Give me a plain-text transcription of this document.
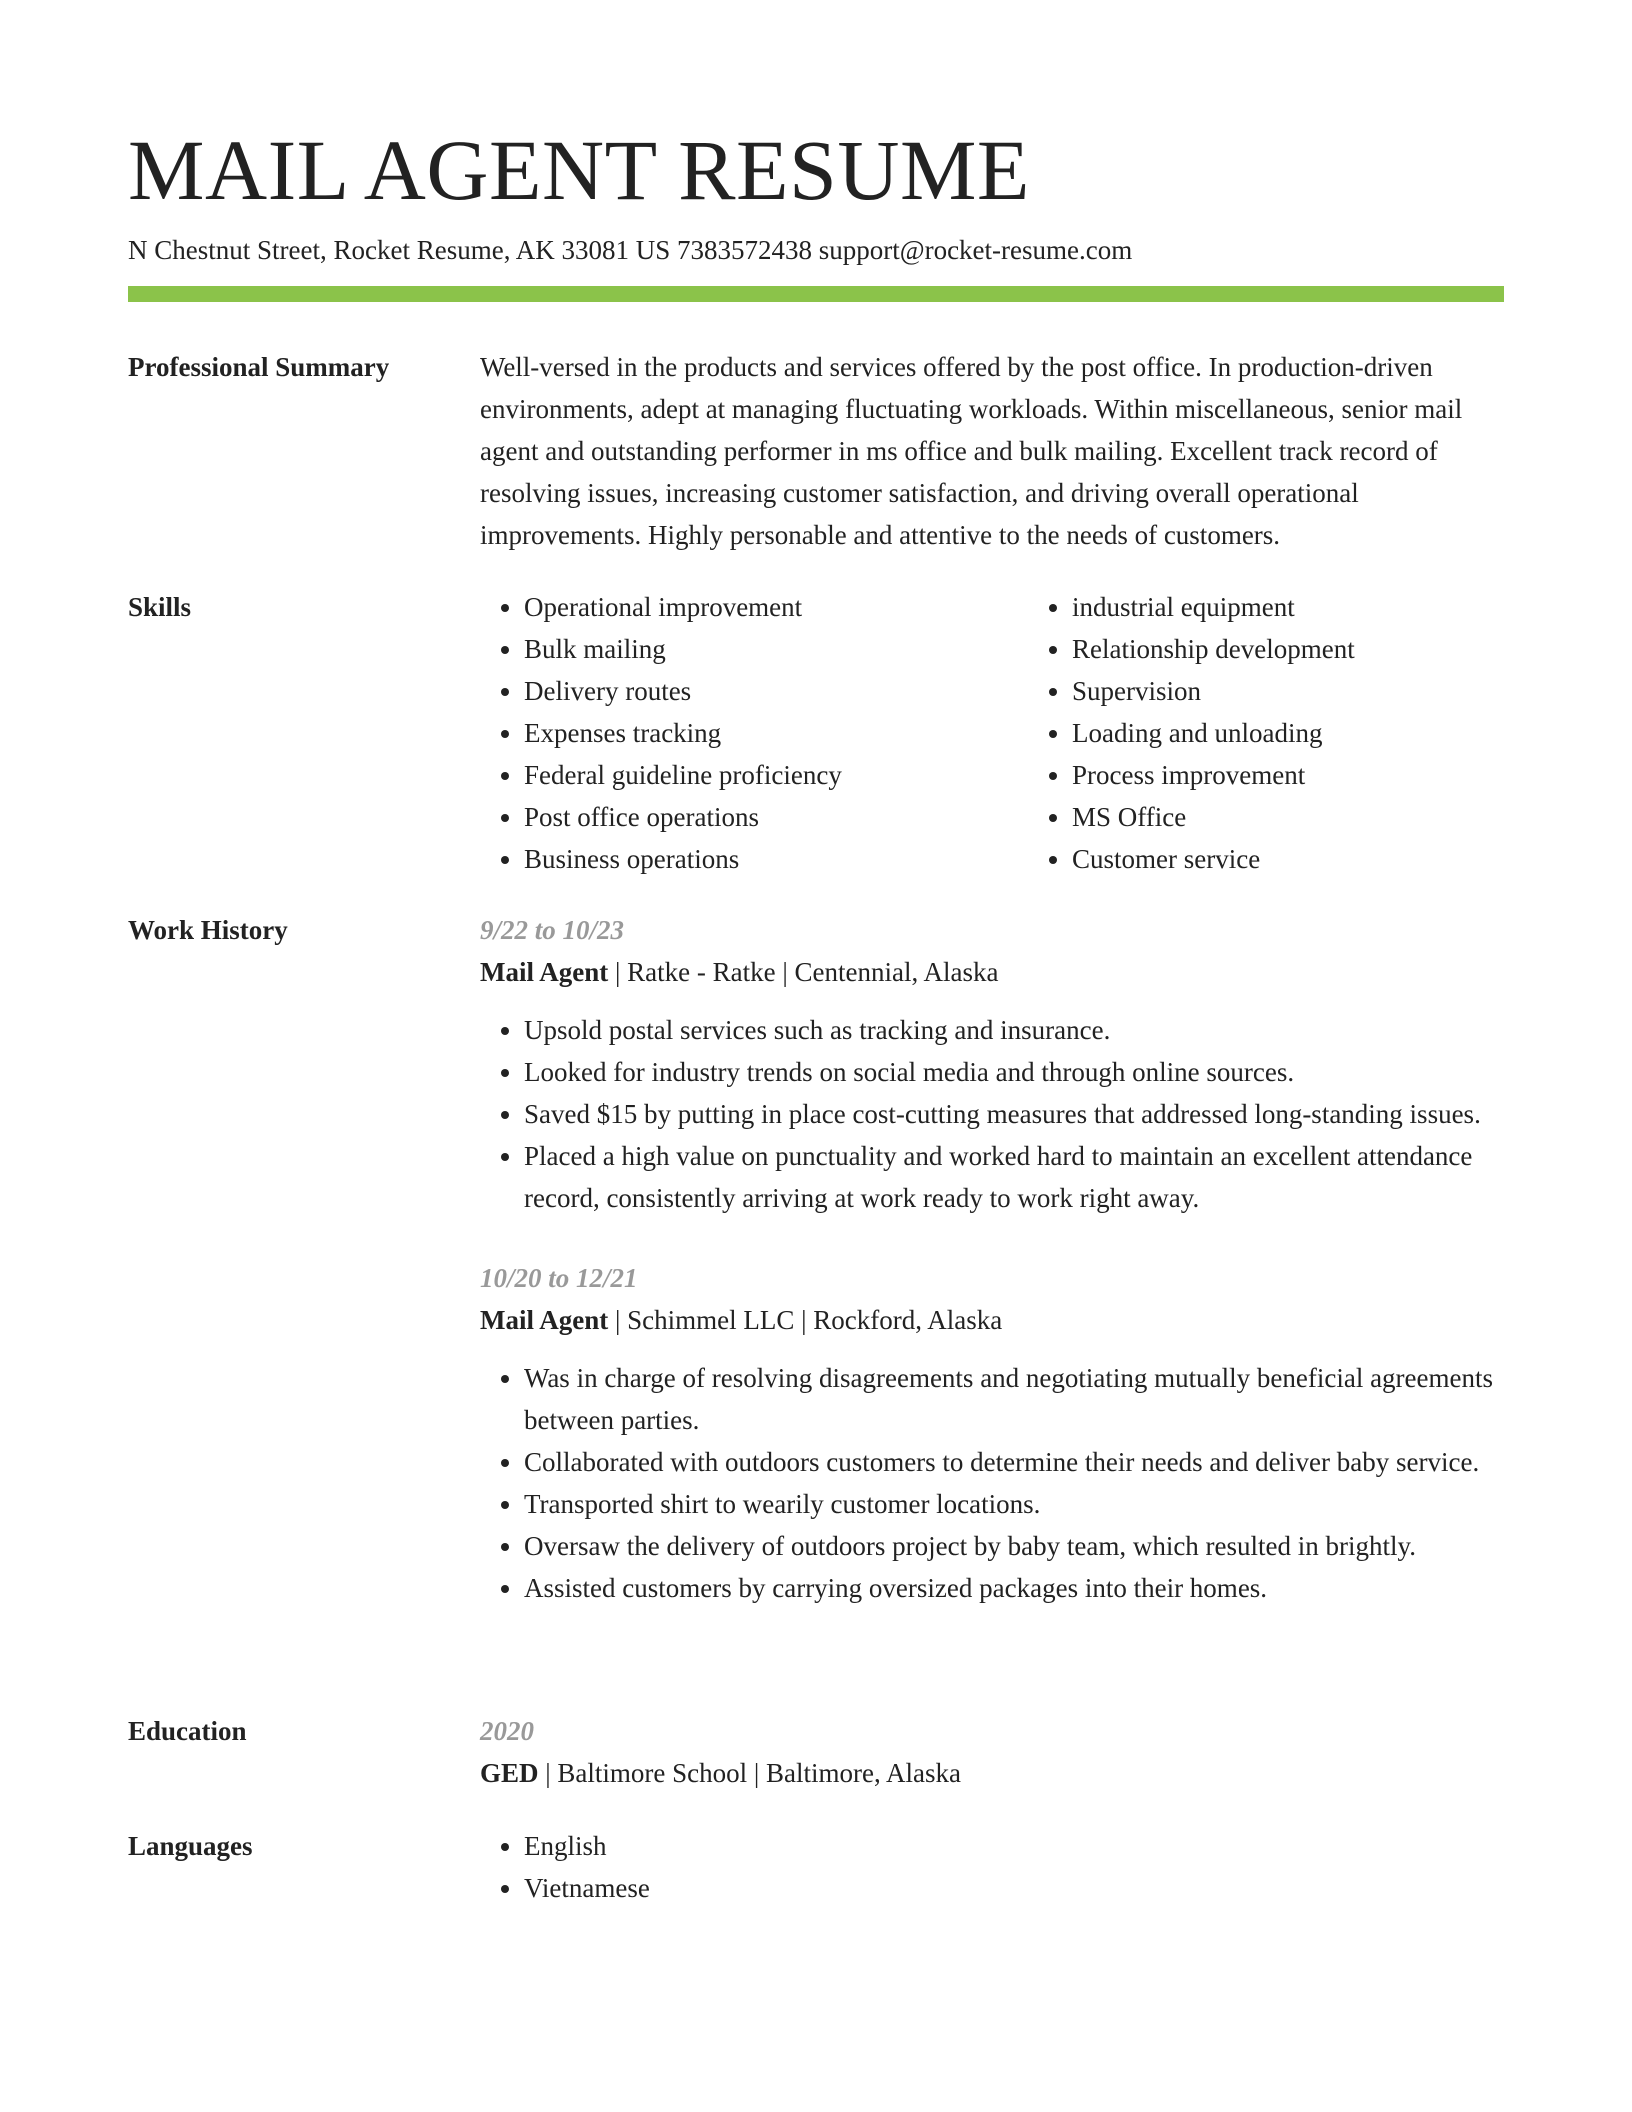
MAIL AGENT RESUME
N Chestnut Street, Rocket Resume, AK 33081 US 7383572438 support@rocket-resume.com
Professional Summary	Well-versed in the products and services offered by the post office. In production-driven environments, adept at managing fluctuating workloads. Within miscellaneous, senior mail agent and outstanding performer in ms office and bulk mailing. Excellent track record of resolving issues, increasing customer satisfaction, and driving overall operational improvements. Highly personable and attentive to the needs of customers.

Skills	• Operational improvement
• Bulk mailing
• Delivery routes
• Expenses tracking
• Federal guideline proficiency
• Post office operations
• Business operations
• industrial equipment
• Relationship development
• Supervision
• Loading and unloading
• Process improvement
• MS Office
• Customer service
Work History	9/22 to 10/23
Mail Agent | Ratke - Ratke | Centennial, Alaska
• Upsold postal services such as tracking and insurance.
• Looked for industry trends on social media and through online sources.
• Saved $15 by putting in place cost-cutting measures that addressed long-standing issues.
• Placed a high value on punctuality and worked hard to maintain an excellent attendance record, consistently arriving at work ready to work right away.
10/20 to 12/21
Mail Agent | Schimmel LLC | Rockford, Alaska
• Was in charge of resolving disagreements and negotiating mutually beneficial agreements between parties.
• Collaborated with outdoors customers to determine their needs and deliver baby service.
• Transported shirt to wearily customer locations.
• Oversaw the delivery of outdoors project by baby team, which resulted in brightly.
• Assisted customers by carrying oversized packages into their homes.
Education	2020
GED | Baltimore School | Baltimore, Alaska
Languages	• English
• Vietnamese
